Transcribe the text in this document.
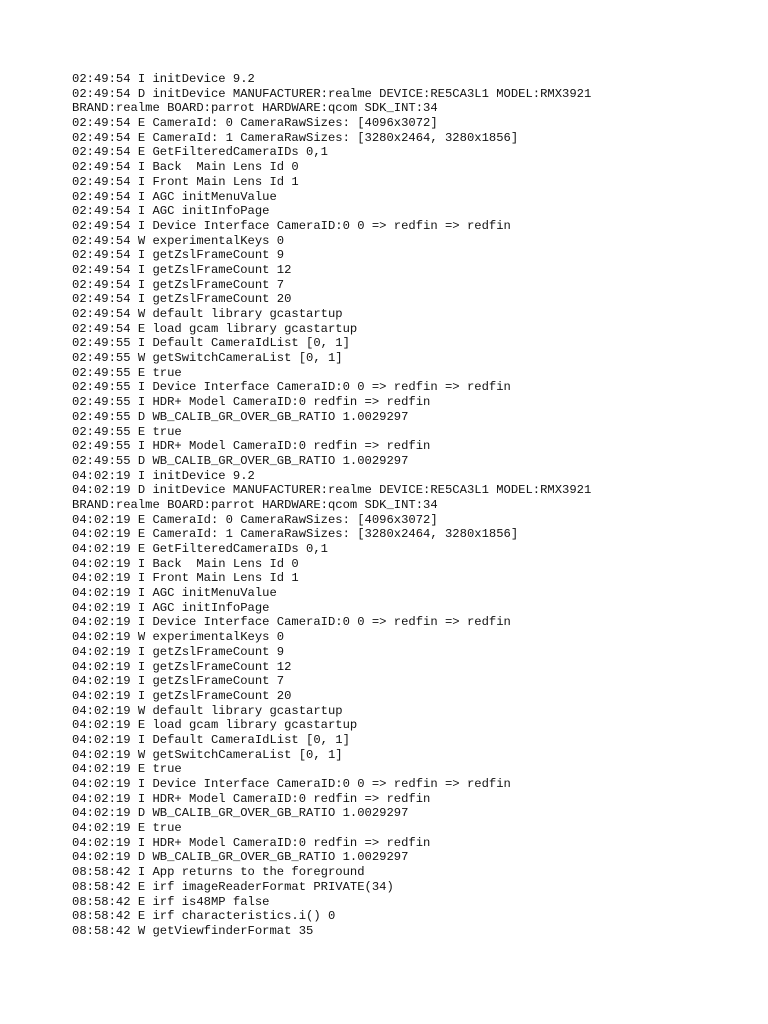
02:49:54 I initDevice 9.2
02:49:54 D initDevice MANUFACTURER:realme DEVICE:RE5CA3L1 MODEL:RMX3921
BRAND:realme BOARD:parrot HARDWARE:qcom SDK_INT:34
02:49:54 E CameraId: 0 CameraRawSizes: [4096x3072]
02:49:54 E CameraId: 1 CameraRawSizes: [3280x2464, 3280x1856]
02:49:54 E GetFilteredCameraIDs 0,1
02:49:54 I Back  Main Lens Id 0
02:49:54 I Front Main Lens Id 1
02:49:54 I AGC initMenuValue
02:49:54 I AGC initInfoPage
02:49:54 I Device Interface CameraID:0 0 => redfin => redfin
02:49:54 W experimentalKeys 0
02:49:54 I getZslFrameCount 9
02:49:54 I getZslFrameCount 12
02:49:54 I getZslFrameCount 7
02:49:54 I getZslFrameCount 20
02:49:54 W default library gcastartup
02:49:54 E load gcam library gcastartup
02:49:55 I Default CameraIdList [0, 1]
02:49:55 W getSwitchCameraList [0, 1]
02:49:55 E true
02:49:55 I Device Interface CameraID:0 0 => redfin => redfin
02:49:55 I HDR+ Model CameraID:0 redfin => redfin
02:49:55 D WB_CALIB_GR_OVER_GB_RATIO 1.0029297
02:49:55 E true
02:49:55 I HDR+ Model CameraID:0 redfin => redfin
02:49:55 D WB_CALIB_GR_OVER_GB_RATIO 1.0029297
04:02:19 I initDevice 9.2
04:02:19 D initDevice MANUFACTURER:realme DEVICE:RE5CA3L1 MODEL:RMX3921
BRAND:realme BOARD:parrot HARDWARE:qcom SDK_INT:34
04:02:19 E CameraId: 0 CameraRawSizes: [4096x3072]
04:02:19 E CameraId: 1 CameraRawSizes: [3280x2464, 3280x1856]
04:02:19 E GetFilteredCameraIDs 0,1
04:02:19 I Back  Main Lens Id 0
04:02:19 I Front Main Lens Id 1
04:02:19 I AGC initMenuValue
04:02:19 I AGC initInfoPage
04:02:19 I Device Interface CameraID:0 0 => redfin => redfin
04:02:19 W experimentalKeys 0
04:02:19 I getZslFrameCount 9
04:02:19 I getZslFrameCount 12
04:02:19 I getZslFrameCount 7
04:02:19 I getZslFrameCount 20
04:02:19 W default library gcastartup
04:02:19 E load gcam library gcastartup
04:02:19 I Default CameraIdList [0, 1]
04:02:19 W getSwitchCameraList [0, 1]
04:02:19 E true
04:02:19 I Device Interface CameraID:0 0 => redfin => redfin
04:02:19 I HDR+ Model CameraID:0 redfin => redfin
04:02:19 D WB_CALIB_GR_OVER_GB_RATIO 1.0029297
04:02:19 E true
04:02:19 I HDR+ Model CameraID:0 redfin => redfin
04:02:19 D WB_CALIB_GR_OVER_GB_RATIO 1.0029297
08:58:42 I App returns to the foreground
08:58:42 E irf imageReaderFormat PRIVATE(34)
08:58:42 E irf is48MP false
08:58:42 E irf characteristics.i() 0
08:58:42 W getViewfinderFormat 35
